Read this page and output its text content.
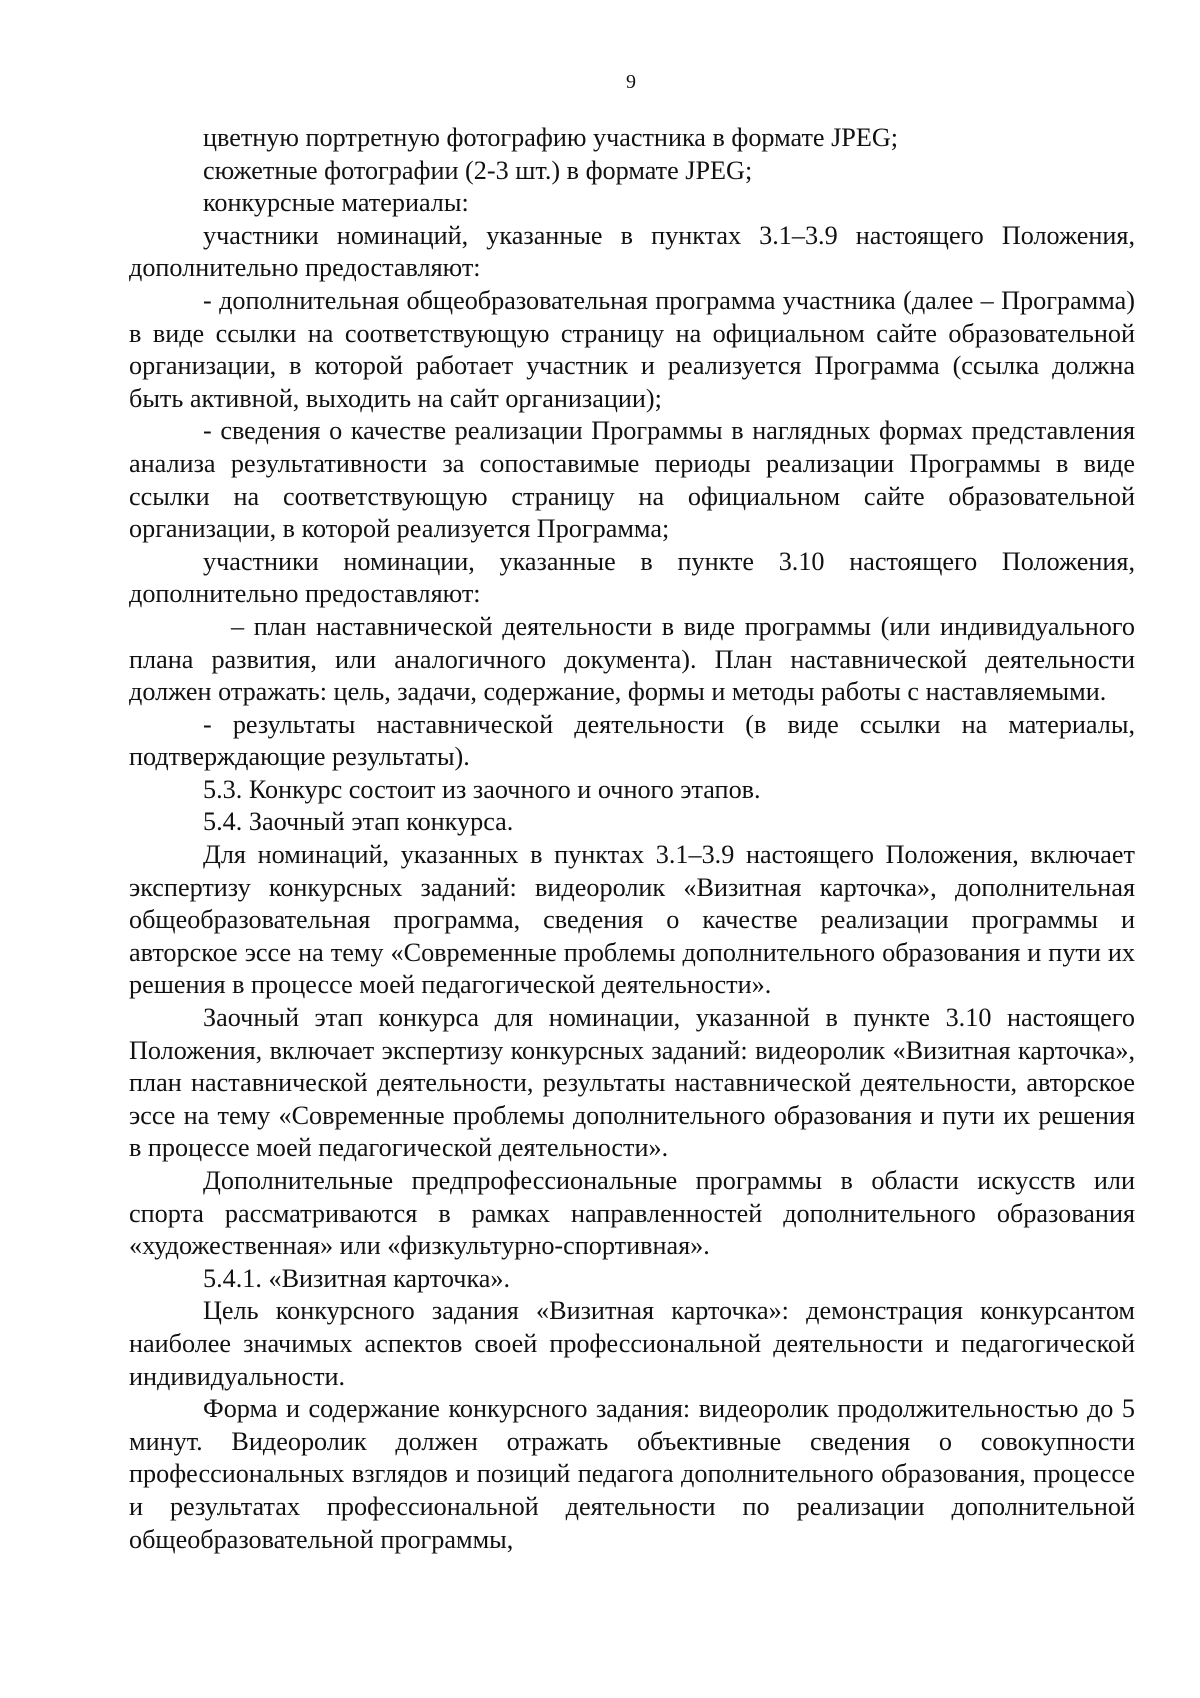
9

цветную портретную фотографию участника в формате JPEG;

сюжетные фотографии (2-3 шт.) в формате JPEG;

конкурсные материалы:

участники номинаций, указанные в пунктах 3.1–3.9 настоящего Положения, дополнительно предоставляют:

- дополнительная общеобразовательная программа участника (далее – Программа) в виде ссылки на соответствующую страницу на официальном сайте образовательной организации, в которой работает участник и реализуется Программа (ссылка должна быть активной, выходить на сайт организации);

- сведения о качестве реализации Программы в наглядных формах представления анализа результативности за сопоставимые периоды реализации Программы в виде ссылки на соответствующую страницу на официальном сайте образовательной организации, в которой реализуется Программа;

участники номинации, указанные в пункте 3.10 настоящего Положения, дополнительно предоставляют:

– план наставнической деятельности в виде программы (или индивидуального плана развития, или аналогичного документа). План наставнической деятельности должен отражать: цель, задачи, содержание, формы и методы работы с наставляемыми.

- результаты наставнической деятельности (в виде ссылки на материалы, подтверждающие результаты).

5.3. Конкурс состоит из заочного и очного этапов.

5.4. Заочный этап конкурса.

Для номинаций, указанных в пунктах 3.1–3.9 настоящего Положения, включает экспертизу конкурсных заданий: видеоролик «Визитная карточка», дополнительная общеобразовательная программа, сведения о качестве реализации программы и авторское эссе на тему «Современные проблемы дополнительного образования и пути их решения в процессе моей педагогической деятельности».

Заочный этап конкурса для номинации, указанной в пункте 3.10 настоящего Положения, включает экспертизу конкурсных заданий: видеоролик «Визитная карточка», план наставнической деятельности, результаты наставнической деятельности, авторское эссе на тему «Современные проблемы дополнительного образования и пути их решения в процессе моей педагогической деятельности».

Дополнительные предпрофессиональные программы в области искусств или спорта рассматриваются в рамках направленностей дополнительного образования «художественная» или «физкультурно-спортивная».

5.4.1. «Визитная карточка».

Цель конкурсного задания «Визитная карточка»: демонстрация конкурсантом наиболее значимых аспектов своей профессиональной деятельности и педагогической индивидуальности.

Форма и содержание конкурсного задания: видеоролик продолжительностью до 5 минут. Видеоролик должен отражать объективные сведения о совокупности профессиональных взглядов и позиций педагога дополнительного образования, процессе и результатах профессиональной деятельности по реализации дополнительной общеобразовательной программы,
